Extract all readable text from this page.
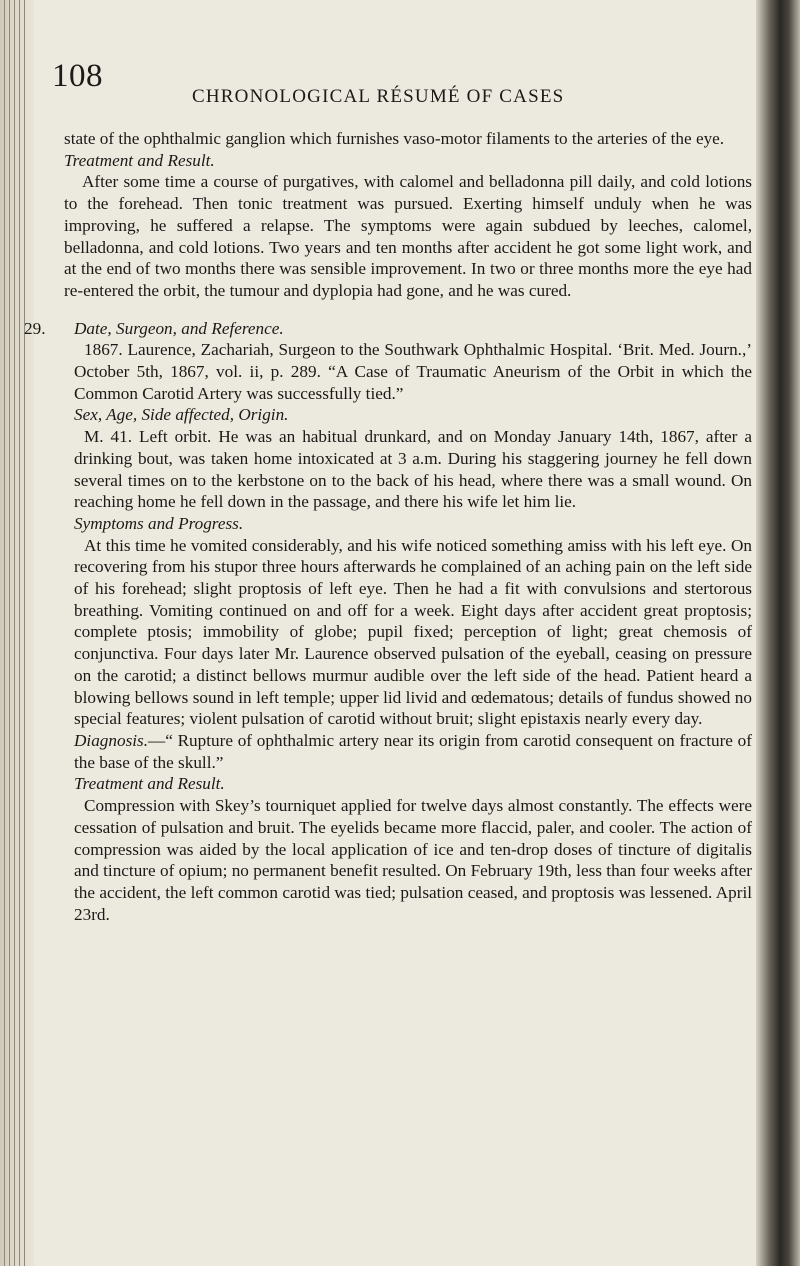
108
CHRONOLOGICAL RÉSUMÉ OF CASES

state of the ophthalmic ganglion which furnishes vaso-motor filaments to the arteries of the eye.

Treatment and Result.

After some time a course of purgatives, with calomel and belladonna pill daily, and cold lotions to the forehead. Then tonic treatment was pursued. Exerting himself unduly when he was improving, he suffered a relapse. The symptoms were again subdued by leeches, calomel, belladonna, and cold lotions. Two years and ten months after accident he got some light work, and at the end of two months there was sensible improvement. In two or three months more the eye had re-entered the orbit, the tumour and dyplopia had gone, and he was cured.

29. Date, Surgeon, and Reference.

1867. Laurence, Zachariah, Surgeon to the Southwark Ophthalmic Hospital. ‘Brit. Med. Journ.,’ October 5th, 1867, vol. ii, p. 289. “A Case of Traumatic Aneurism of the Orbit in which the Common Carotid Artery was successfully tied.”

Sex, Age, Side affected, Origin.

M. 41. Left orbit. He was an habitual drunkard, and on Monday January 14th, 1867, after a drinking bout, was taken home intoxicated at 3 a.m. During his staggering journey he fell down several times on to the kerbstone on to the back of his head, where there was a small wound. On reaching home he fell down in the passage, and there his wife let him lie.

Symptoms and Progress.

At this time he vomited considerably, and his wife noticed something amiss with his left eye. On recovering from his stupor three hours afterwards he complained of an aching pain on the left side of his forehead; slight proptosis of left eye. Then he had a fit with convulsions and stertorous breathing. Vomiting continued on and off for a week. Eight days after accident great proptosis; complete ptosis; immobility of globe; pupil fixed; perception of light; great chemosis of conjunctiva. Four days later Mr. Laurence observed pulsation of the eyeball, ceasing on pressure on the carotid; a distinct bellows murmur audible over the left side of the head. Patient heard a blowing bellows sound in left temple; upper lid livid and œdematous; details of fundus showed no special features; violent pulsation of carotid without bruit; slight epistaxis nearly every day.

Diagnosis.—“ Rupture of ophthalmic artery near its origin from carotid consequent on fracture of the base of the skull.”

Treatment and Result.

Compression with Skey’s tourniquet applied for twelve days almost constantly. The effects were cessation of pulsation and bruit. The eyelids became more flaccid, paler, and cooler. The action of compression was aided by the local application of ice and ten-drop doses of tincture of digitalis and tincture of opium; no permanent benefit resulted. On February 19th, less than four weeks after the accident, the left common carotid was tied; pulsation ceased, and proptosis was lessened. April 23rd.
